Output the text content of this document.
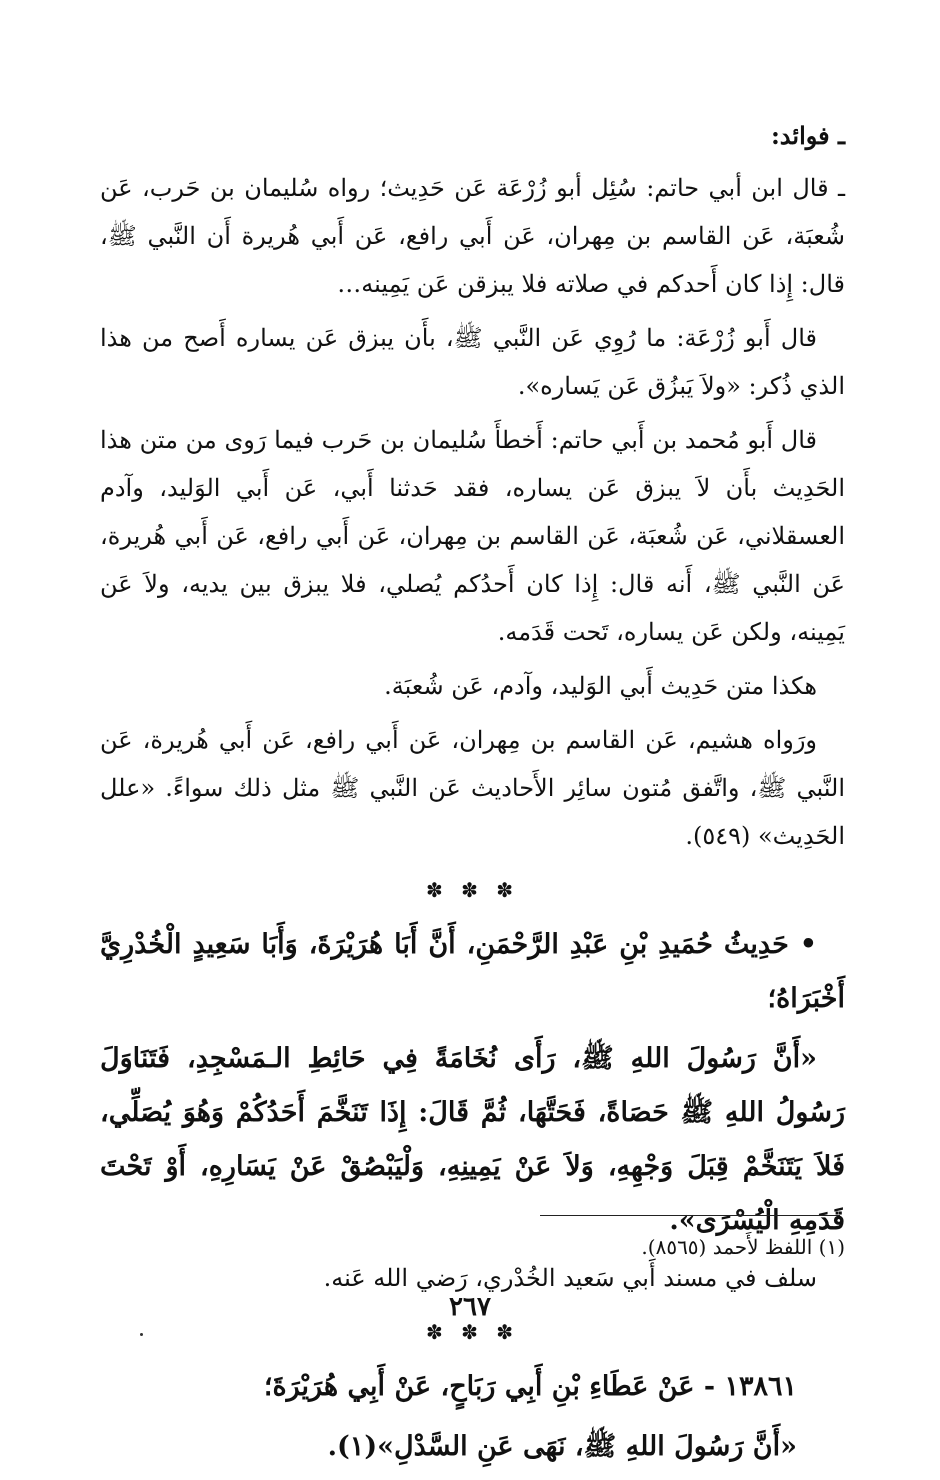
ـ فوائد:

ـ قال ابن أبي حاتم: سُئِل أبو زُرْعَة عَن حَدِيث؛ رواه سُليمان بن حَرب، عَن شُعبَة، عَن القاسم بن مِهران، عَن أَبي رافع، عَن أَبي هُريرة أَن النَّبي ﷺ، قال: إِذا كان أَحدكم في صلاته فلا يبزقن عَن يَمِينه…

قال أَبو زُرْعَة: ما رُوِي عَن النَّبي ﷺ، بأَن يبزق عَن يساره أَصح من هذا الذي ذُكر: «ولاَ يَبزُق عَن يَساره».

قال أَبو مُحمد بن أَبي حاتم: أَخطأَ سُليمان بن حَرب فيما رَوى من متن هذا الحَدِيث بأَن لاَ يبزق عَن يساره، فقد حَدثنا أَبي، عَن أَبي الوَليد، وآدم العسقلاني، عَن شُعبَة، عَن القاسم بن مِهران، عَن أَبي رافع، عَن أَبي هُريرة، عَن النَّبي ﷺ، أَنه قال: إِذا كان أَحدُكم يُصلي، فلا يبزق بين يديه، ولاَ عَن يَمِينه، ولكن عَن يساره، تَحت قَدَمه.

هكذا متن حَدِيث أَبي الوَليد، وآدم، عَن شُعبَة.

ورَواه هشيم، عَن القاسم بن مِهران، عَن أَبي رافع، عَن أَبي هُريرة، عَن النَّبي ﷺ، واتَّفق مُتون سائِر الأَحاديث عَن النَّبي ﷺ مثل ذلك سواءً. «علل الحَدِيث» (٥٤٩).

✽ ✽ ✽

• حَدِيثُ حُمَيدِ بْنِ عَبْدِ الرَّحْمَنِ، أَنَّ أَبَا هُرَيْرَةَ، وَأَبَا سَعِيدٍ الْخُدْرِيَّ أَخْبَرَاهُ؛

«أَنَّ رَسُولَ اللهِ ﷺ، رَأَى نُخَامَةً فِي حَائِطِ الـمَسْجِدِ، فَتَنَاوَلَ رَسُولُ اللهِ ﷺ حَصَاةً، فَحَتَّهَا، ثُمَّ قَالَ: إِذَا تَنَخَّمَ أَحَدُكُمْ وَهُوَ يُصَلِّي، فَلاَ يَتَنَخَّمْ قِبَلَ وَجْهِهِ، وَلاَ عَنْ يَمِينِهِ، وَلْيَبْصُقْ عَنْ يَسَارِهِ، أَوْ تَحْتَ قَدَمِهِ الْيُسْرَى».

سلف في مسند أَبي سَعيد الخُدْري، رَضي الله عَنه.

✽ ✽ ✽

١٣٨٦١ - عَنْ عَطَاءِ بْنِ أَبِي رَبَاحٍ، عَنْ أَبِي هُرَيْرَةَ؛

«أَنَّ رَسُولَ اللهِ ﷺ، نَهَى عَنِ السَّدْلِ»(١).

(١) اللفظ لأَحمد (٨٥٦٥).
٢٦٧
